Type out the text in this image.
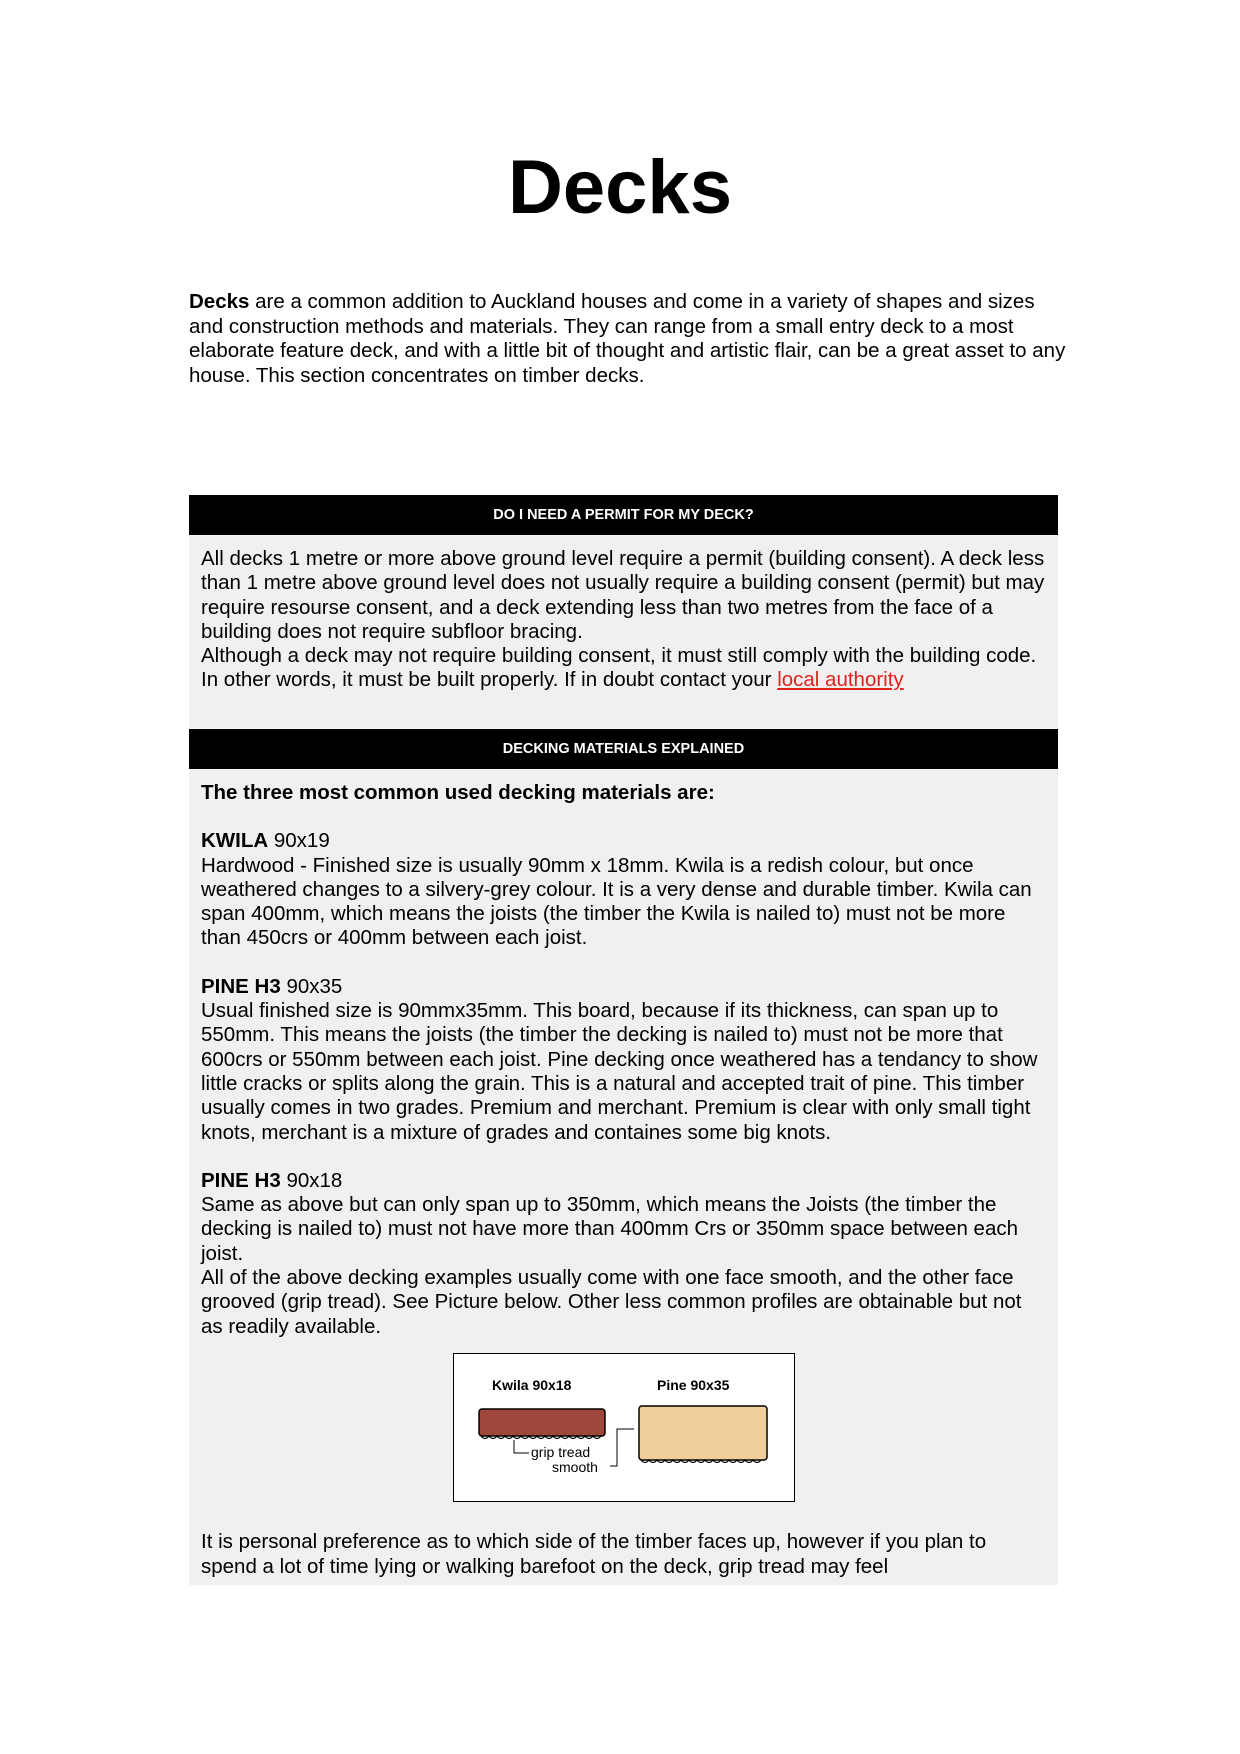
Decks
Decks are a common addition to Auckland houses and come in a variety of shapes and sizes and construction methods and materials. They can range from a small entry deck to a most elaborate feature deck, and with a little bit of thought and artistic flair, can be a great asset to any house. This section concentrates on timber decks.
DO I NEED A PERMIT FOR MY DECK?
All decks 1 metre or more above ground level require a permit (building consent). A deck less than 1 metre above ground level does not usually require a building consent (permit) but may require resourse consent, and a deck extending less than two metres from the face of a building does not require subfloor bracing.
Although a deck may not require building consent, it must still comply with the building code. In other words, it must be built properly. If in doubt contact your local authority
DECKING MATERIALS EXPLAINED
The three most common used decking materials are:
KWILA 90x19
Hardwood - Finished size is usually 90mm x 18mm. Kwila is a redish colour, but once weathered changes to a silvery-grey colour. It is a very dense and durable timber. Kwila can span 400mm, which means the joists (the timber the Kwila is nailed to) must not be more than 450crs or 400mm between each joist.
PINE H3 90x35
Usual finished size is 90mmx35mm. This board, because if its thickness, can span up to 550mm. This means the joists (the timber the decking is nailed to) must not be more that 600crs or 550mm between each joist. Pine decking once weathered has a tendancy to show little cracks or splits along the grain. This is a natural and accepted trait of pine. This timber usually comes in two grades. Premium and merchant. Premium is clear with only small tight knots, merchant is a mixture of grades and containes some big knots.
PINE H3 90x18
Same as above but can only span up to 350mm, which means the Joists (the timber the decking is nailed to) must not have more than 400mm Crs or 350mm space between each joist.
All of the above decking examples usually come with one face smooth, and the other face grooved (grip tread). See Picture below. Other less common profiles are obtainable but not as readily available.
Kwila 90x18	Pine 90x35
grip tread
smooth
It is personal preference as to which side of the timber faces up, however if you plan to spend a lot of time lying or walking barefoot on the deck, grip tread may feel
